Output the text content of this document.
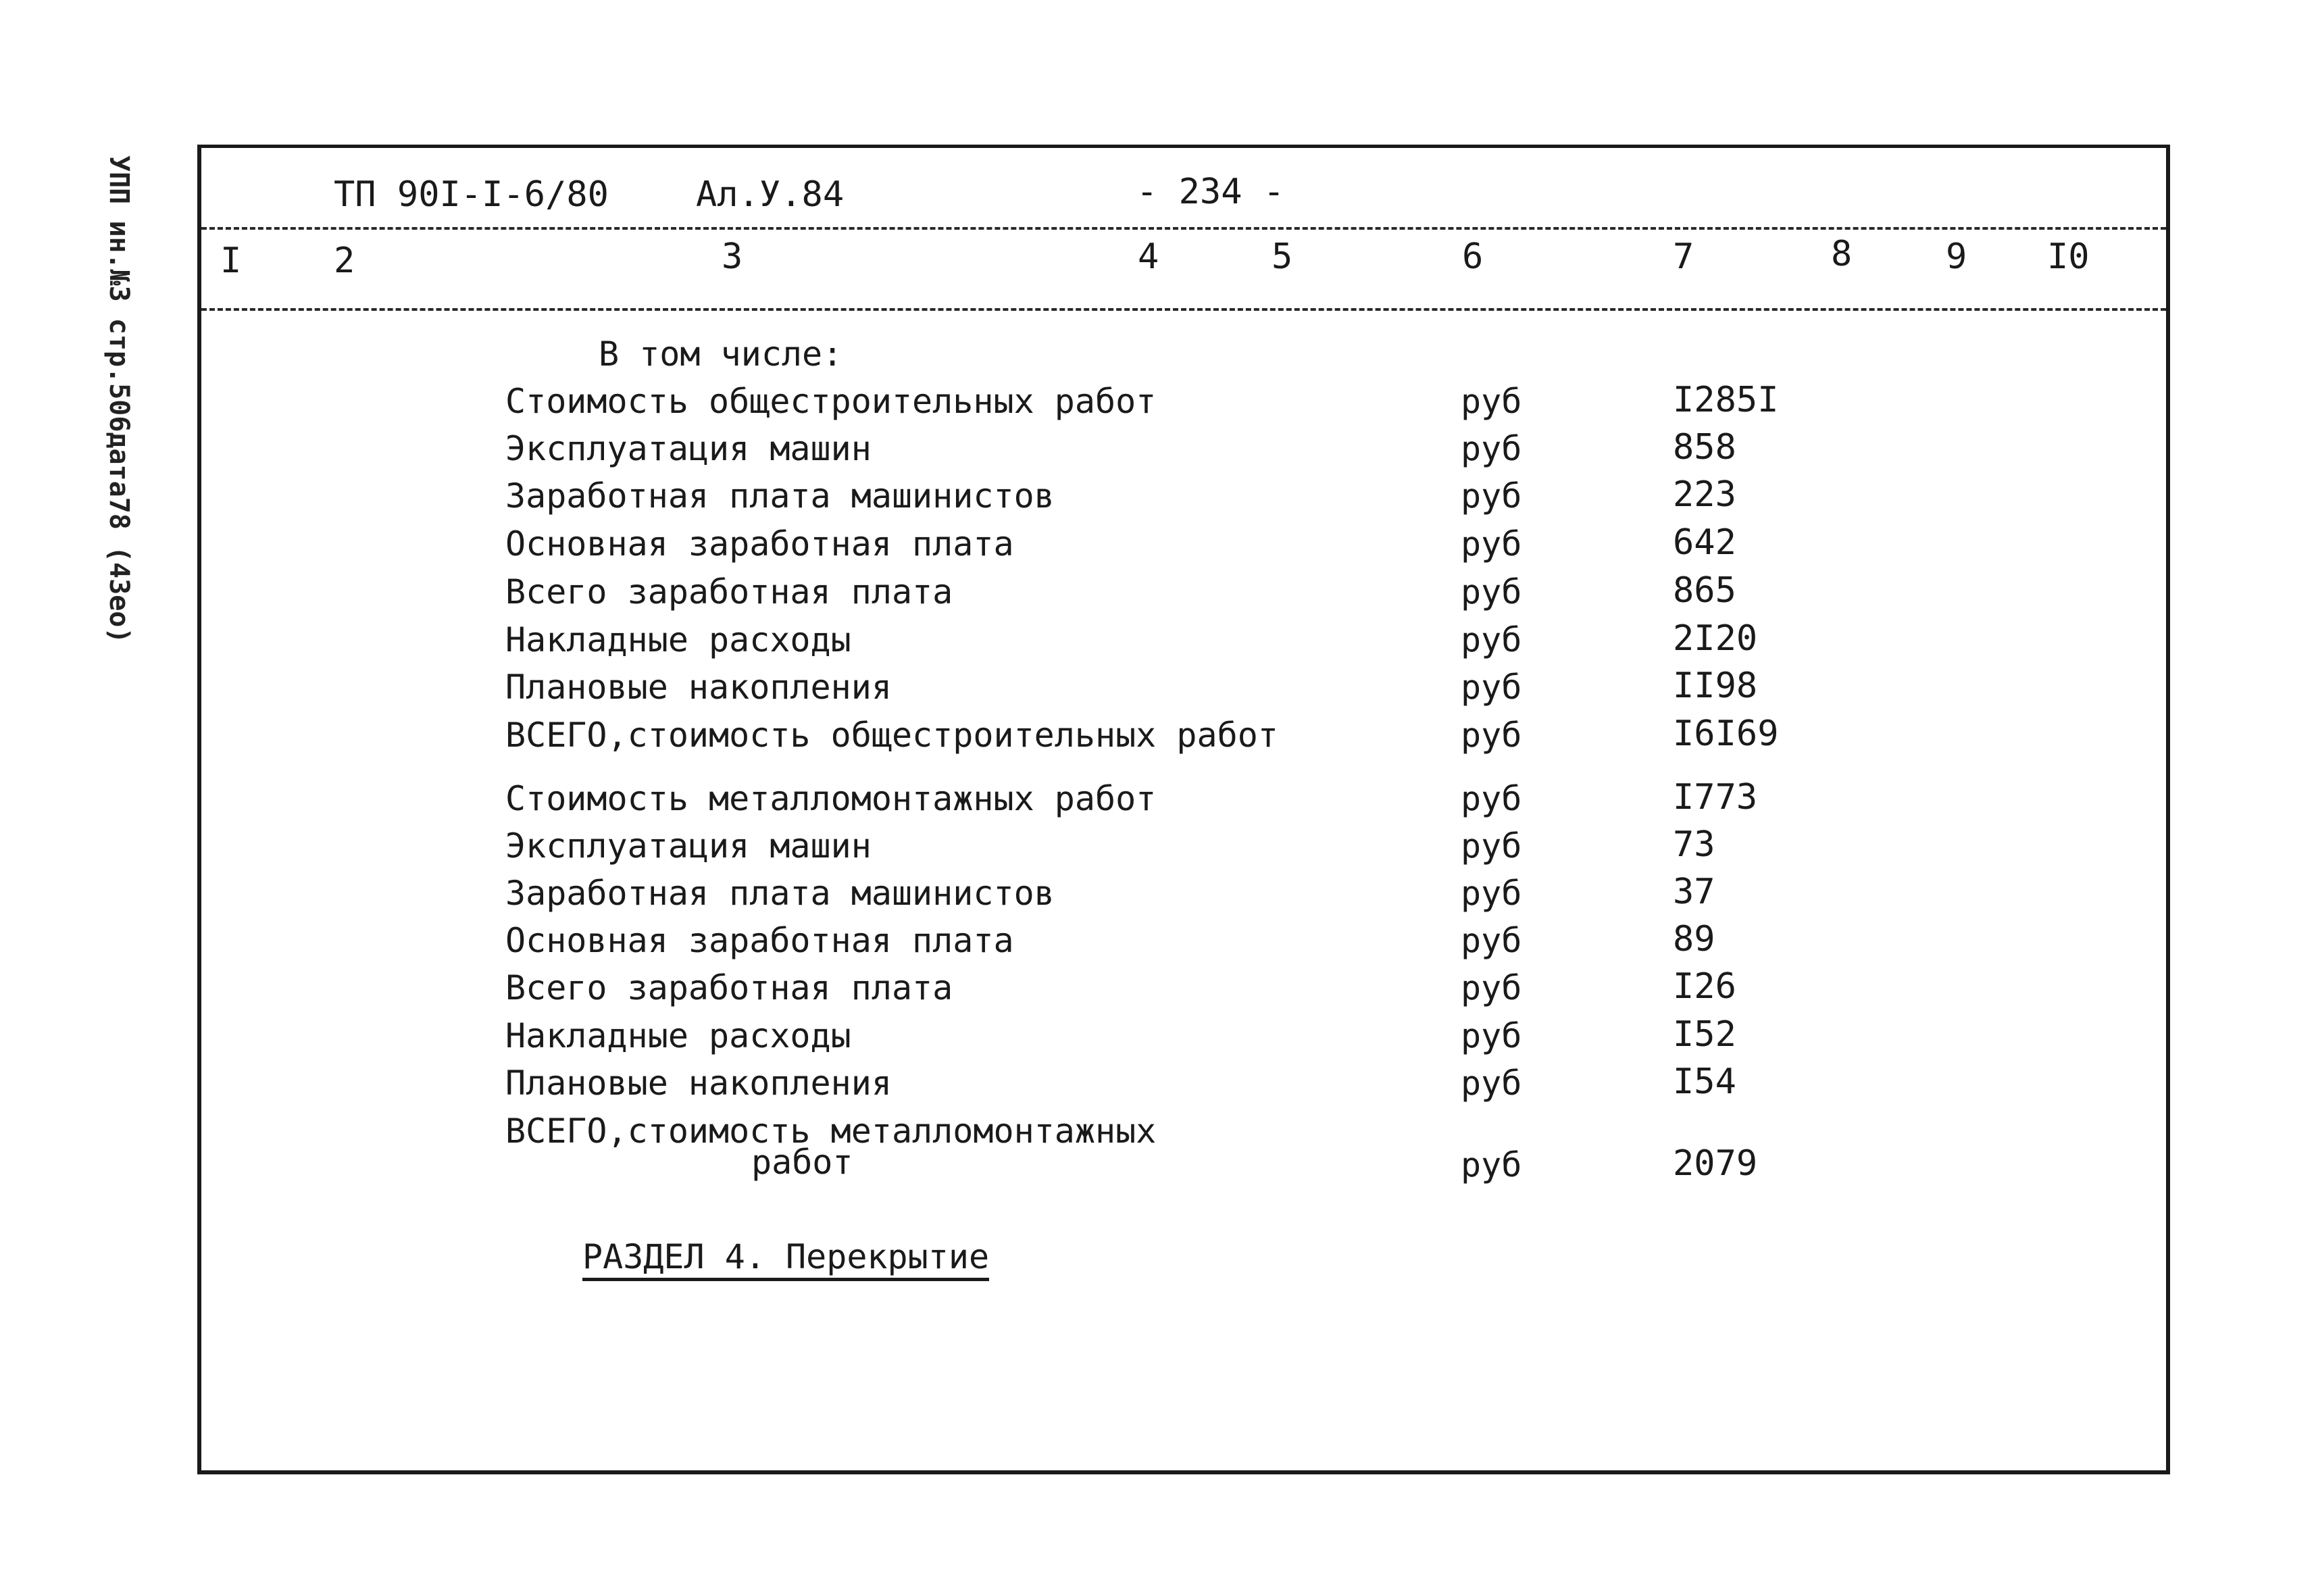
УПП ин.№3 стр.506дата78 (43ео)	ТП 90I-I-6/80 Ал.У.84	- 234 -
I	2	3	4	5	6	7	8	9 I0
В том числе:
Стоимость общестроительных работ	руб	I285I
Эксплуатация машин	руб	858
Заработная плата машинистов	руб	223
Основная заработная плата	руб	642
Всего заработная плата	руб	865
Накладные расходы	руб	2I20
Плановые накопления	руб	II98
ВСЕГО,стоимость общестроительных работ	руб	I6I69
Стоимость металломонтажных работ	руб	I773
Эксплуатация машин	руб	73
Заработная плата машинистов	руб	37
Основная заработная плата	руб	89
Всего заработная плата	руб	I26
Накладные расходы	руб	I52
Плановые накопления	руб	I54
ВСЕГО,стоимость металломонтажных
работ	руб	2079
РАЗДЕЛ 4. Перекрытие
